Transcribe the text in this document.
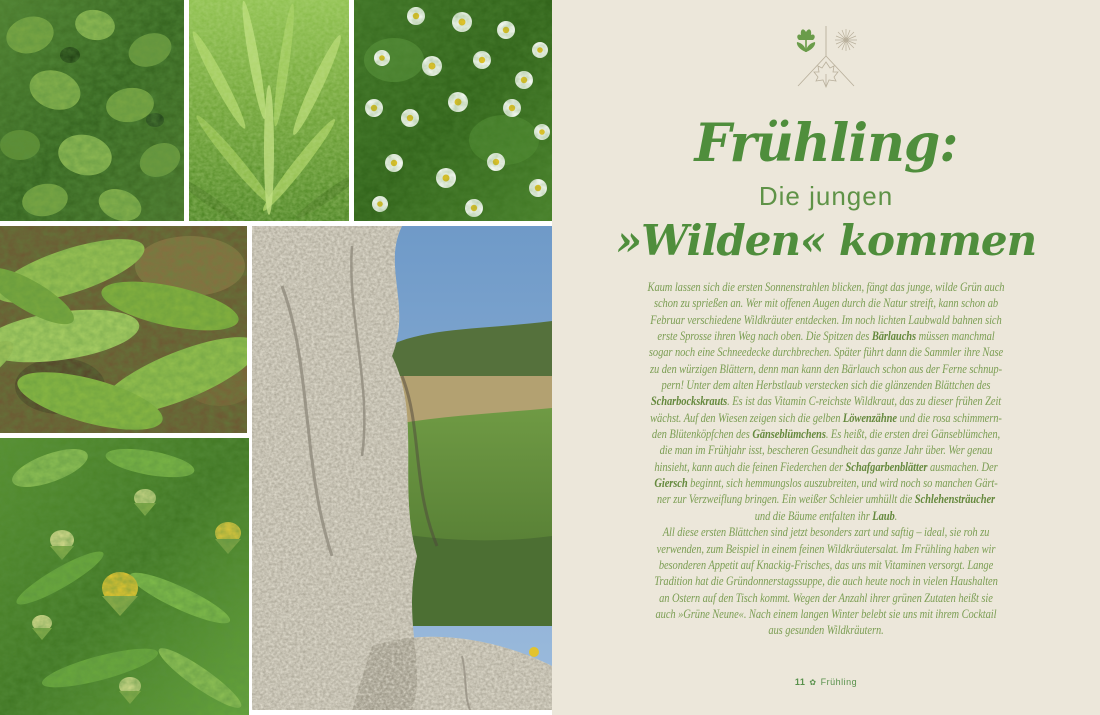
Frühling:
Die jungen
»Wilden« kommen
Kaum lassen sich die ersten Sonnenstrahlen blicken, fängt das junge, wilde Grün auch
schon zu sprießen an. Wer mit offenen Augen durch die Natur streift, kann schon ab
Februar verschiedene Wildkräuter entdecken. Im noch lichten Laubwald bahnen sich
erste Sprosse ihren Weg nach oben. Die Spitzen des Bärlauchs müssen manchmal
sogar noch eine Schneedecke durchbrechen. Später führt dann die Sammler ihre Nase
zu den würzigen Blättern, denn man kann den Bärlauch schon aus der Ferne schnup-
pern! Unter dem alten Herbstlaub verstecken sich die glänzenden Blättchen des
Scharbockskrauts. Es ist das Vitamin C-reichste Wildkraut, das zu dieser frühen Zeit
wächst. Auf den Wiesen zeigen sich die gelben Löwenzähne und die rosa schimmern-
den Blütenköpfchen des Gänseblümchens. Es heißt, die ersten drei Gänseblümchen,
die man im Frühjahr isst, bescheren Gesundheit das ganze Jahr über. Wer genau
hinsieht, kann auch die feinen Fiederchen der Schafgarbenblätter ausmachen. Der
Giersch beginnt, sich hemmungslos auszubreiten, und wird noch so manchen Gärt-
ner zur Verzweiflung bringen. Ein weißer Schleier umhüllt die Schlehensträucher
und die Bäume entfalten ihr Laub.
All diese ersten Blättchen sind jetzt besonders zart und saftig – ideal, sie roh zu
verwenden, zum Beispiel in einem feinen Wildkräutersalat. Im Frühling haben wir
besonderen Appetit auf Knackig-Frisches, das uns mit Vitaminen versorgt. Lange
Tradition hat die Gründonnerstagssuppe, die auch heute noch in vielen Haushalten
an Ostern auf den Tisch kommt. Wegen der Anzahl ihrer grünen Zutaten heißt sie
auch »Grüne Neune«. Nach einem langen Winter belebt sie uns mit ihrem Cocktail
aus gesunden Wildkräutern.
11 ✿ Frühling
